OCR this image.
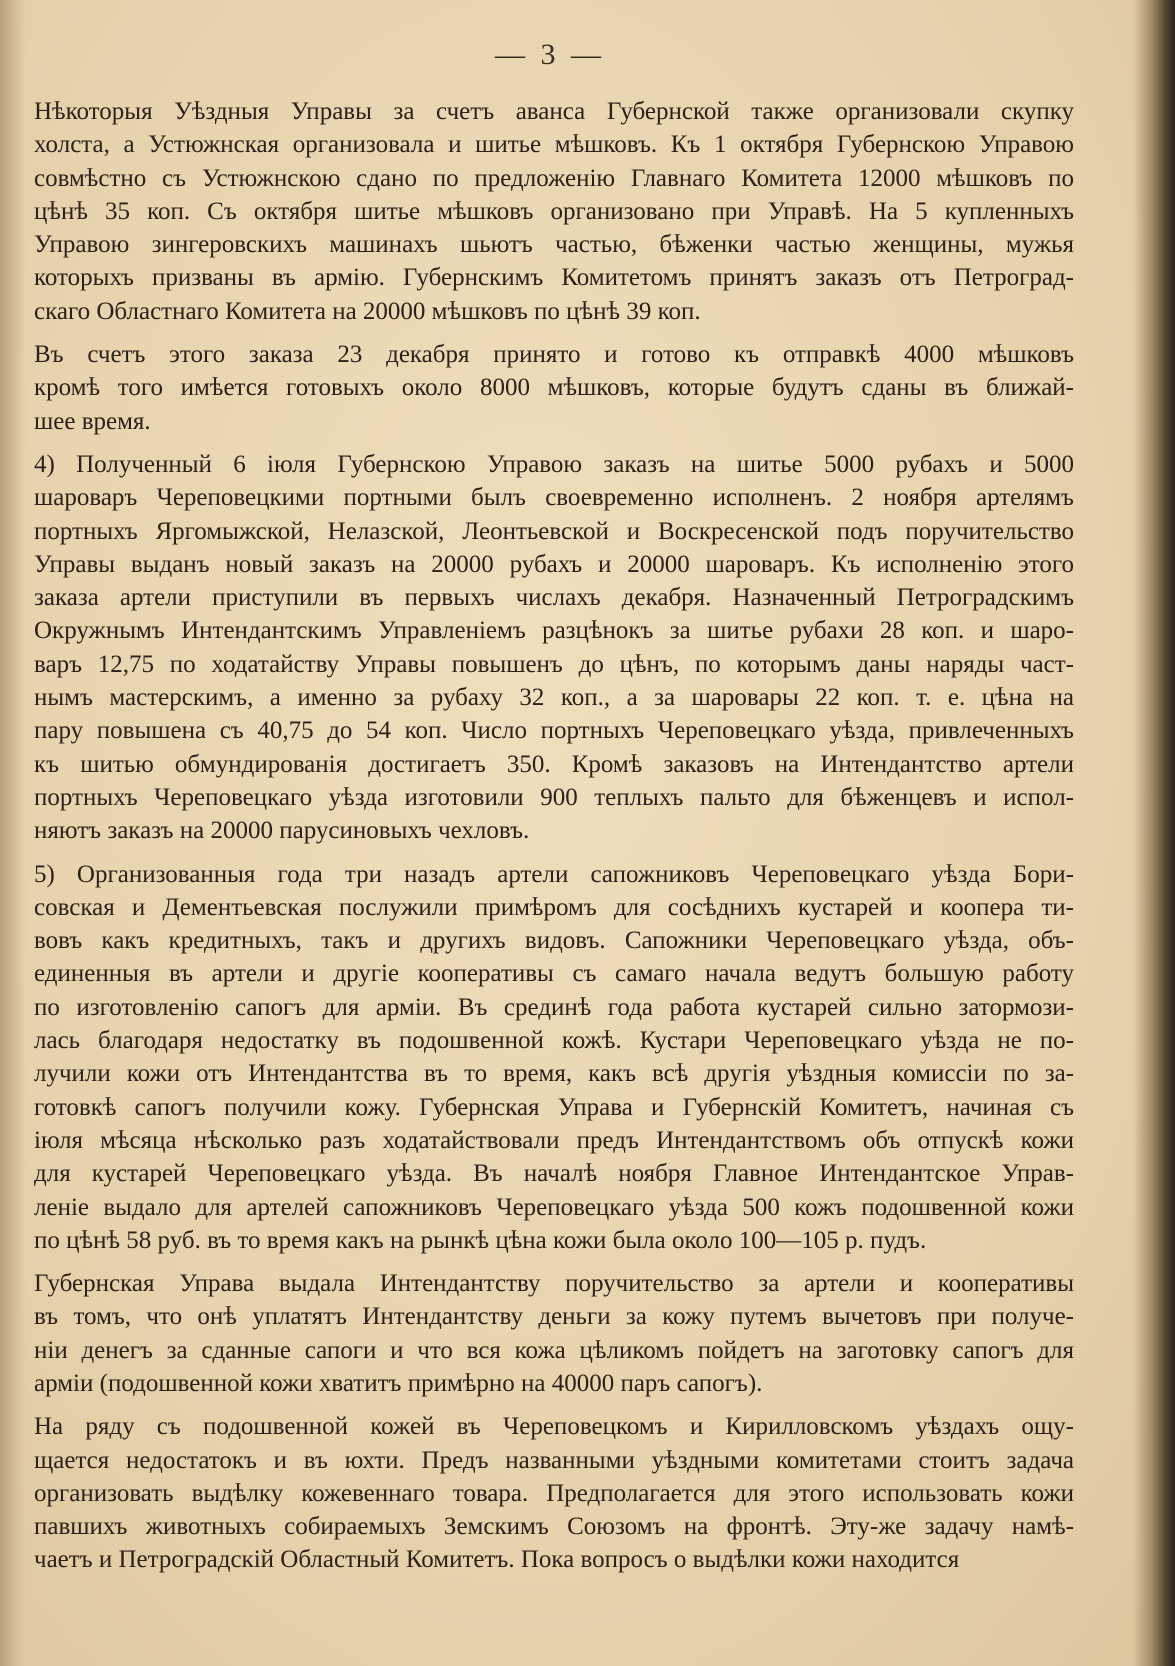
— 3 —
Нѣкоторыя Уѣздныя Управы за счетъ аванса Губернской также организовали скупку
холста, а Устюжнская организовала и шитье мѣшковъ. Къ 1 октября Губернскою Управою
совмѣстно съ Устюжнскою сдано по предложенію Главнаго Комитета 12000 мѣшковъ по
цѣнѣ 35 коп. Съ октября шитье мѣшковъ организовано при Управѣ. На 5 купленныхъ
Управою зингеровскихъ машинахъ шьютъ частью, бѣженки частью женщины, мужья
которыхъ призваны въ армію. Губернскимъ Комитетомъ принятъ заказъ отъ Петроград-
скаго Областнаго Комитета на 20000 мѣшковъ по цѣнѣ 39 коп.
Въ счетъ этого заказа 23 декабря принято и готово къ отправкѣ 4000 мѣшковъ
кромѣ того имѣется готовыхъ около 8000 мѣшковъ, которые будутъ сданы въ ближай-
шее время.
4) Полученный 6 іюля Губернскою Управою заказъ на шитье 5000 рубахъ и 5000
шароваръ Череповецкими портными былъ своевременно исполненъ. 2 ноября артелямъ
портныхъ Яргомыжской, Нелазской, Леонтьевской и Воскресенской подъ поручительство
Управы выданъ новый заказъ на 20000 рубахъ и 20000 шароваръ. Къ исполненію этого
заказа артели приступили въ первыхъ числахъ декабря. Назначенный Петроградскимъ
Окружнымъ Интендантскимъ Управленіемъ разцѣнокъ за шитье рубахи 28 коп. и шаро-
варъ 12,75 по ходатайству Управы повышенъ до цѣнъ, по которымъ даны наряды част-
нымъ мастерскимъ, а именно за рубаху 32 коп., а за шаровары 22 коп. т. е. цѣна на
пару повышена съ 40,75 до 54 коп. Число портныхъ Череповецкаго уѣзда, привлеченныхъ
къ шитью обмундированія достигаетъ 350. Кромѣ заказовъ на Интендантство артели
портныхъ Череповецкаго уѣзда изготовили 900 теплыхъ пальто для бѣженцевъ и испол-
няютъ заказъ на 20000 парусиновыхъ чехловъ.
5) Организованныя года три назадъ артели сапожниковъ Череповецкаго уѣзда Бори-
совская и Дементьевская послужили примѣромъ для сосѣднихъ кустарей и коопера ти-
вовъ какъ кредитныхъ, такъ и другихъ видовъ. Сапожники Череповецкаго уѣзда, объ-
единенныя въ артели и другіе кооперативы съ самаго начала ведутъ большую работу
по изготовленію сапогъ для арміи. Въ срединѣ года работа кустарей сильно затормози-
лась благодаря недостатку въ подошвенной кожѣ. Кустари Череповецкаго уѣзда не по-
лучили кожи отъ Интендантства въ то время, какъ всѣ другія уѣздныя комиссіи по за-
готовкѣ сапогъ получили кожу. Губернская Управа и Губернскій Комитетъ, начиная съ
іюля мѣсяца нѣсколько разъ ходатайствовали предъ Интендантствомъ объ отпускѣ кожи
для кустарей Череповецкаго уѣзда. Въ началѣ ноября Главное Интендантское Управ-
леніе выдало для артелей сапожниковъ Череповецкаго уѣзда 500 кожъ подошвенной кожи
по цѣнѣ 58 руб. въ то время какъ на рынкѣ цѣна кожи была около 100—105 р. пудъ.
Губернская Управа выдала Интендантству поручительство за артели и кооперативы
въ томъ, что онѣ уплатятъ Интендантству деньги за кожу путемъ вычетовъ при получе-
ніи денегъ за сданные сапоги и что вся кожа цѣликомъ пойдетъ на заготовку сапогъ для
арміи (подошвенной кожи хватитъ примѣрно на 40000 паръ сапогъ).
На ряду съ подошвенной кожей въ Череповецкомъ и Кирилловскомъ уѣздахъ ощу-
щается недостатокъ и въ юхти. Предъ названными уѣздными комитетами стоитъ задача
организовать выдѣлку кожевеннаго товара. Предполагается для этого использовать кожи
павшихъ животныхъ собираемыхъ Земскимъ Союзомъ на фронтѣ. Эту-же задачу намѣ-
чаетъ и Петроградскій Областный Комитетъ. Пока вопросъ о выдѣлки кожи находится
